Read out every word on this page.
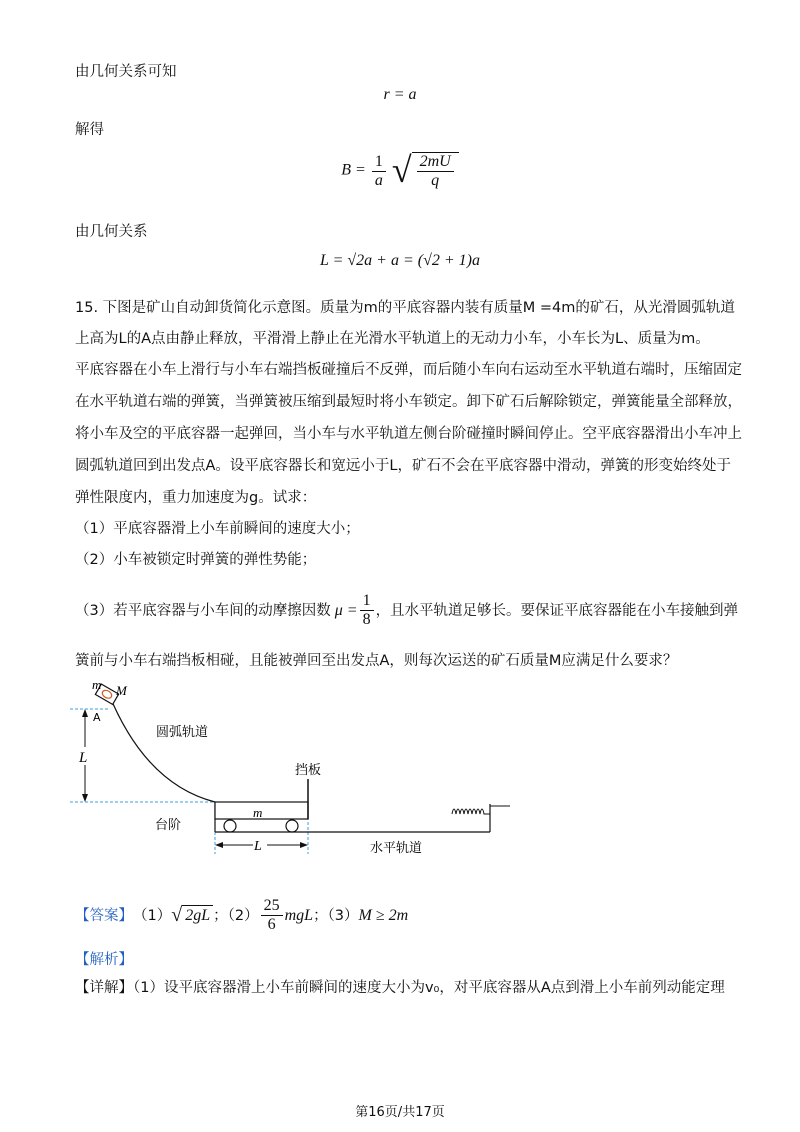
由几何关系可知
r = a
解得
$B = \frac{1}{a}$
√ $\frac{2mU}{q}$
由几何关系
L = √2a + a = (√2 + 1)a
15. 下图是矿山自动卸货简化示意图。质量为m的平底容器内装有质量M =4m的矿石，从光滑圆弧轨道
上高为L的A点由静止释放，平滑滑上静止在光滑水平轨道上的无动力小车，小车长为L、质量为m。
平底容器在小车上滑行与小车右端挡板碰撞后不反弹，而后随小车向右运动至水平轨道右端时，压缩固定
在水平轨道右端的弹簧，当弹簧被压缩到最短时将小车锁定。卸下矿石后解除锁定，弹簧能量全部释放，
将小车及空的平底容器一起弹回，当小车与水平轨道左侧台阶碰撞时瞬间停止。空平底容器滑出小车冲上
圆弧轨道回到出发点A。设平底容器长和宽远小于L，矿石不会在平底容器中滑动，弹簧的形变始终处于
弹性限度内，重力加速度为g。试求：
（1）平底容器滑上小车前瞬间的速度大小；
（2）小车被锁定时弹簧的弹性势能；
（3）若平底容器与小车间的动摩擦因数 $\mu = \frac{1}{8}$ ，且水平轨道足够长。要保证平底容器能在小车接触到弹
簧前与小车右端挡板相碰，且能被弹回至出发点A，则每次运送的矿石质量M应满足什么要求？
L
m M
A
圆弧轨道
台阶
挡板
m
水平轨道
L
【答案】 （1） √ 2gL ；$(2) \frac{25}{6}$ mgL ；（3） M ≥ 2m
【解析】
【详解】（1）设平底容器滑上小车前瞬间的速度大小为v₀，对平底容器从A点到滑上小车前列动能定理
第16页/共17页
